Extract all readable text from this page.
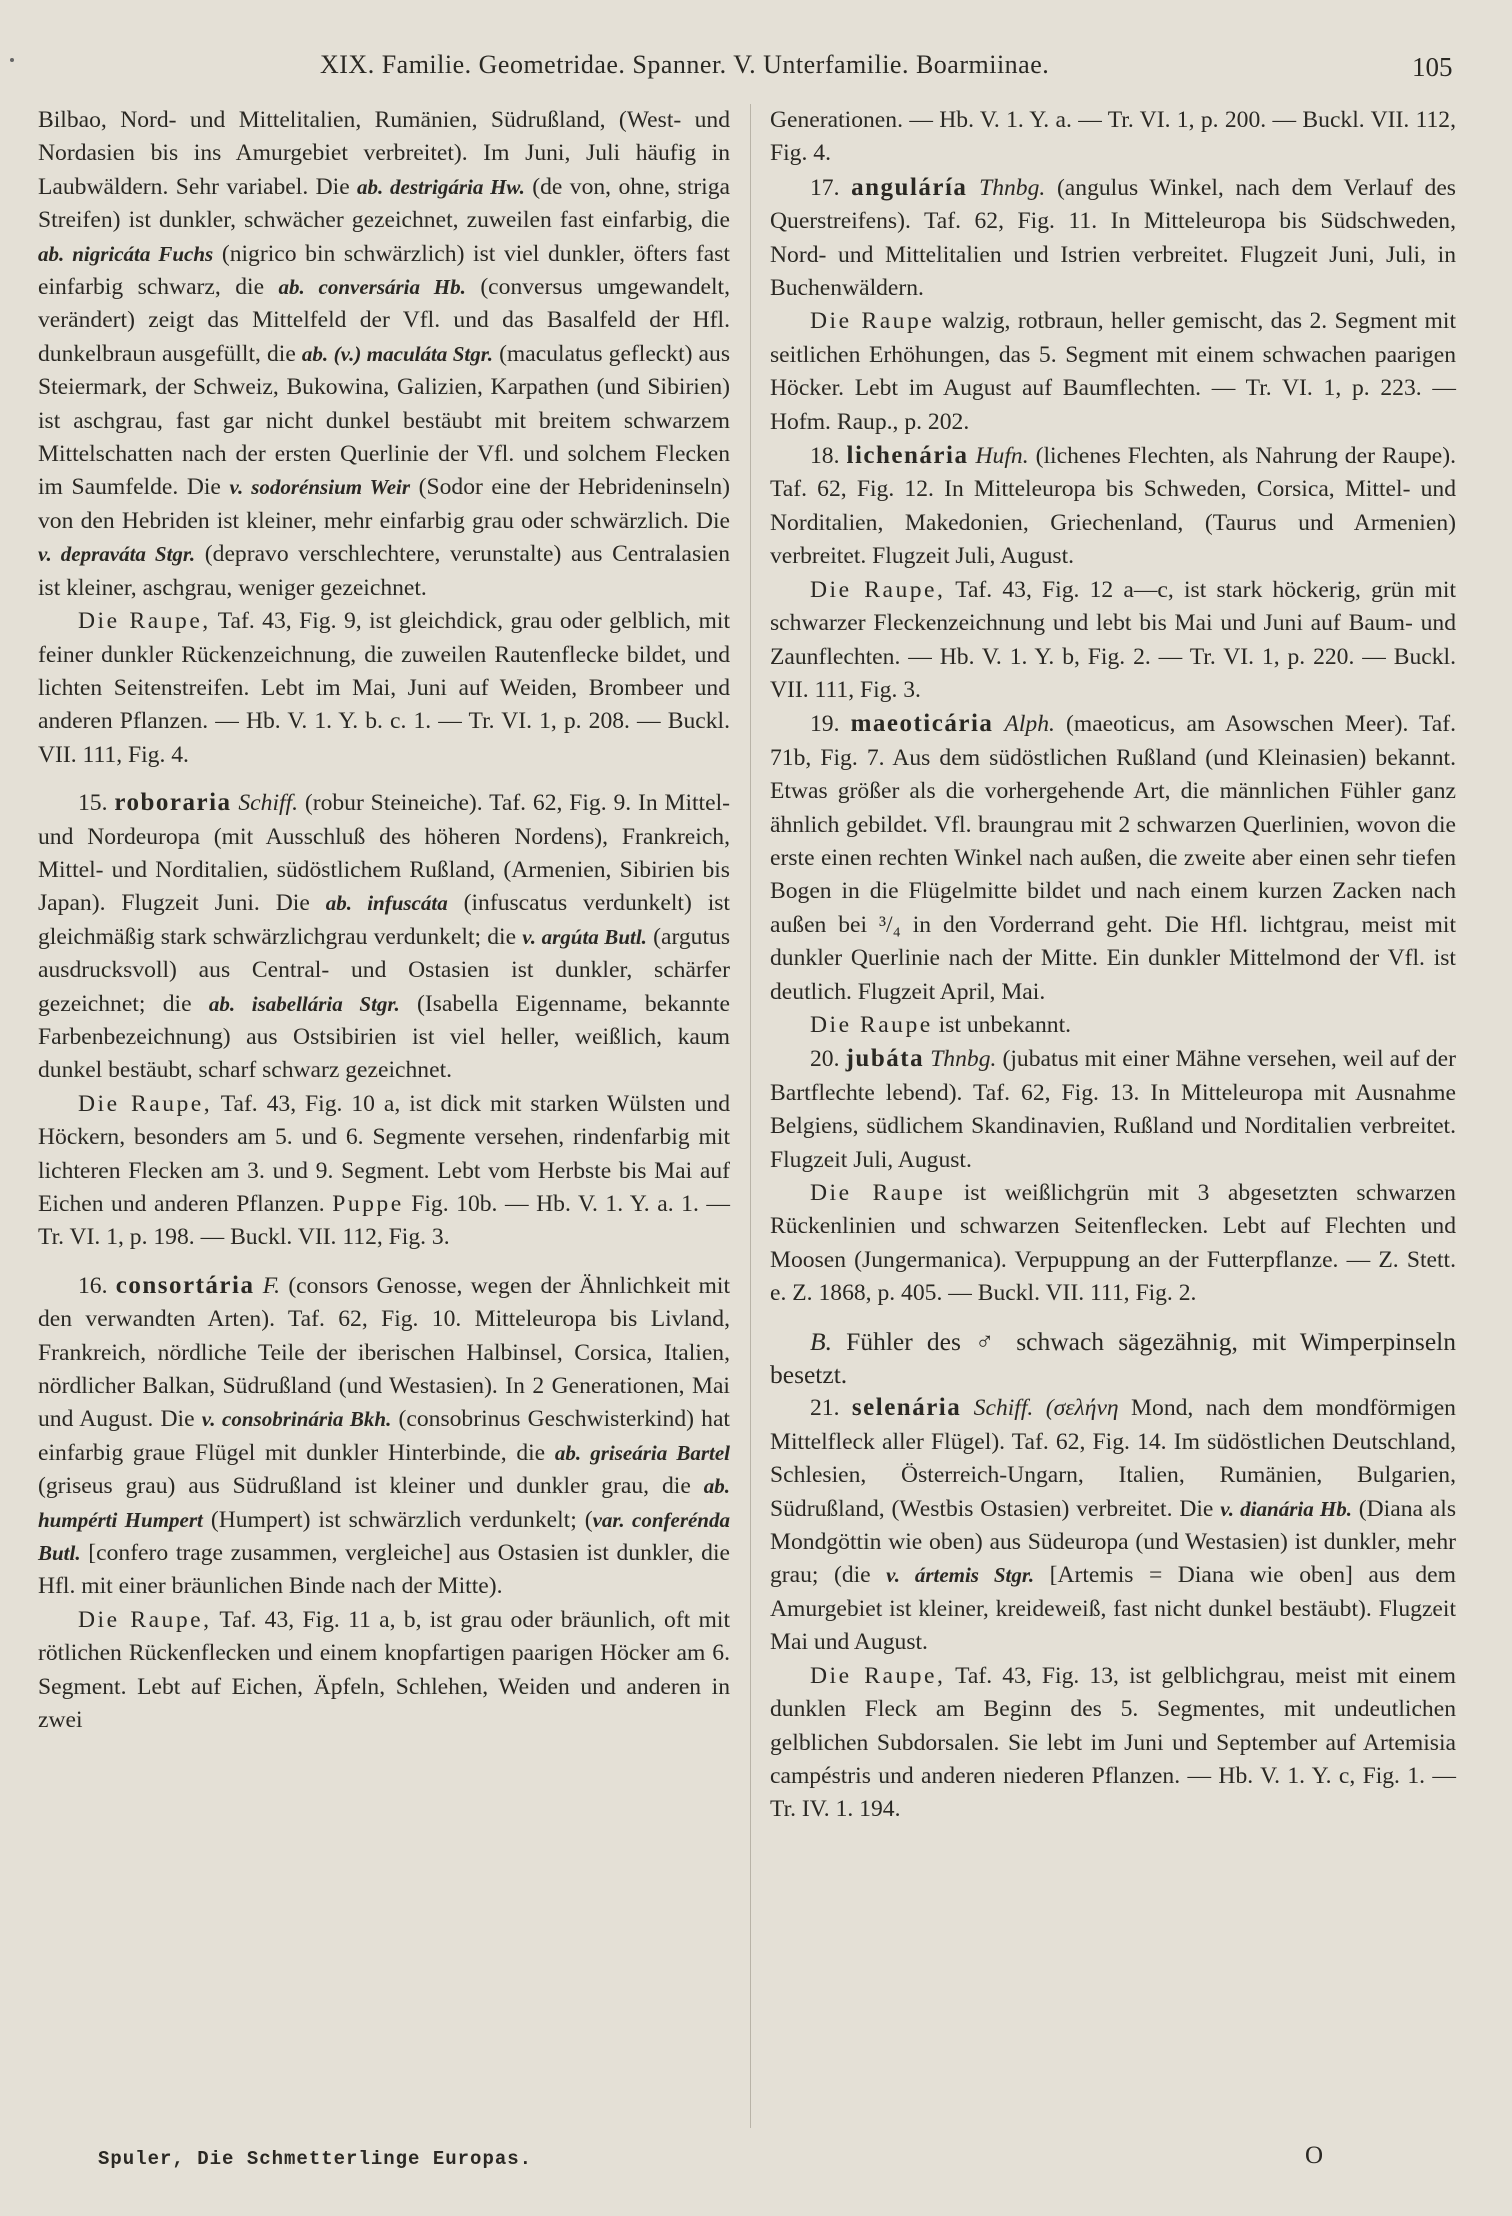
XIX. Familie. Geometridae. Spanner. V. Unterfamilie. Boarmiinae.	105

Bilbao, Nord- und Mittelitalien, Rumänien, Südrußland, (West- und Nordasien bis ins Amurgebiet verbreitet). Im Juni, Juli häufig in Laubwäldern. Sehr variabel. Die ab. destrigária Hw. (de von, ohne, striga Streifen) ist dunkler, schwächer gezeichnet, zuweilen fast einfarbig, die ab. nigricáta Fuchs (nigrico bin schwärzlich) ist viel dunkler, öfters fast einfarbig schwarz, die ab. conversária Hb. (conversus umgewandelt, verändert) zeigt das Mittelfeld der Vfl. und das Basalfeld der Hfl. dunkelbraun ausgefüllt, die ab. (v.) maculáta Stgr. (maculatus gefleckt) aus Steiermark, der Schweiz, Bukowina, Galizien, Karpathen (und Sibirien) ist aschgrau, fast gar nicht dunkel bestäubt mit breitem schwarzem Mittelschatten nach der ersten Querlinie der Vfl. und solchem Flecken im Saumfelde. Die v. sodorénsium Weir (Sodor eine der Hebrideninseln) von den Hebriden ist kleiner, mehr einfarbig grau oder schwärzlich. Die v. depraváta Stgr. (depravo verschlechtere, verunstalte) aus Centralasien ist kleiner, aschgrau, weniger gezeichnet.

Die Raupe, Taf. 43, Fig. 9, ist gleichdick, grau oder gelblich, mit feiner dunkler Rückenzeichnung, die zuweilen Rautenflecke bildet, und lichten Seitenstreifen. Lebt im Mai, Juni auf Weiden, Brombeer und anderen Pflanzen. — Hb. V. 1. Y. b. c. 1. — Tr. VI. 1, p. 208. — Buckl. VII. 111, Fig. 4.

15. roboraria Schiff. (robur Steineiche). Taf. 62, Fig. 9. In Mittel- und Nordeuropa (mit Ausschluß des höheren Nordens), Frankreich, Mittel- und Norditalien, südöstlichem Rußland, (Armenien, Sibirien bis Japan). Flugzeit Juni. Die ab. infuscáta (infuscatus verdunkelt) ist gleichmäßig stark schwärzlichgrau verdunkelt; die v. argúta Butl. (argutus ausdrucksvoll) aus Central- und Ostasien ist dunkler, schärfer gezeichnet; die ab. isabellária Stgr. (Isabella Eigenname, bekannte Farbenbezeichnung) aus Ostsibirien ist viel heller, weißlich, kaum dunkel bestäubt, scharf schwarz gezeichnet.

Die Raupe, Taf. 43, Fig. 10 a, ist dick mit starken Wülsten und Höckern, besonders am 5. und 6. Segmente versehen, rindenfarbig mit lichteren Flecken am 3. und 9. Segment. Lebt vom Herbste bis Mai auf Eichen und anderen Pflanzen. Puppe Fig. 10b. — Hb. V. 1. Y. a. 1. — Tr. VI. 1, p. 198. — Buckl. VII. 112, Fig. 3.

16. consortária F. (consors Genosse, wegen der Ähnlichkeit mit den verwandten Arten). Taf. 62, Fig. 10. Mitteleuropa bis Livland, Frankreich, nördliche Teile der iberischen Halbinsel, Corsica, Italien, nördlicher Balkan, Südrußland (und Westasien). In 2 Generationen, Mai und August. Die v. consobrinária Bkh. (consobrinus Geschwisterkind) hat einfarbig graue Flügel mit dunkler Hinterbinde, die ab. griseária Bartel (griseus grau) aus Südrußland ist kleiner und dunkler grau, die ab. humpérti Humpert (Humpert) ist schwärzlich verdunkelt; (var. conferénda Butl. [confero trage zusammen, vergleiche] aus Ostasien ist dunkler, die Hfl. mit einer bräunlichen Binde nach der Mitte).

Die Raupe, Taf. 43, Fig. 11 a, b, ist grau oder bräunlich, oft mit rötlichen Rückenflecken und einem knopfartigen paarigen Höcker am 6. Segment. Lebt auf Eichen, Äpfeln, Schlehen, Weiden und anderen in zwei

Generationen. — Hb. V. 1. Y. a. — Tr. VI. 1, p. 200. — Buckl. VII. 112, Fig. 4.

17. anguláría Thnbg. (angulus Winkel, nach dem Verlauf des Querstreifens). Taf. 62, Fig. 11. In Mitteleuropa bis Südschweden, Nord- und Mittelitalien und Istrien verbreitet. Flugzeit Juni, Juli, in Buchenwäldern.

Die Raupe walzig, rotbraun, heller gemischt, das 2. Segment mit seitlichen Erhöhungen, das 5. Segment mit einem schwachen paarigen Höcker. Lebt im August auf Baumflechten. — Tr. VI. 1, p. 223. — Hofm. Raup., p. 202.

18. lichenária Hufn. (lichenes Flechten, als Nahrung der Raupe). Taf. 62, Fig. 12. In Mitteleuropa bis Schweden, Corsica, Mittel- und Norditalien, Makedonien, Griechenland, (Taurus und Armenien) verbreitet. Flugzeit Juli, August.

Die Raupe, Taf. 43, Fig. 12 a—c, ist stark höckerig, grün mit schwarzer Fleckenzeichnung und lebt bis Mai und Juni auf Baum- und Zaunflechten. — Hb. V. 1. Y. b, Fig. 2. — Tr. VI. 1, p. 220. — Buckl. VII. 111, Fig. 3.

19. maeoticária Alph. (maeoticus, am Asowschen Meer). Taf. 71b, Fig. 7. Aus dem südöstlichen Rußland (und Kleinasien) bekannt. Etwas größer als die vorhergehende Art, die männlichen Fühler ganz ähnlich gebildet. Vfl. braungrau mit 2 schwarzen Querlinien, wovon die erste einen rechten Winkel nach außen, die zweite aber einen sehr tiefen Bogen in die Flügelmitte bildet und nach einem kurzen Zacken nach außen bei ³/₄ in den Vorderrand geht. Die Hfl. lichtgrau, meist mit dunkler Querlinie nach der Mitte. Ein dunkler Mittelmond der Vfl. ist deutlich. Flugzeit April, Mai.

Die Raupe ist unbekannt.

20. jubáta Thnbg. (jubatus mit einer Mähne versehen, weil auf der Bartflechte lebend). Taf. 62, Fig. 13. In Mitteleuropa mit Ausnahme Belgiens, südlichem Skandinavien, Rußland und Norditalien verbreitet. Flugzeit Juli, August.

Die Raupe ist weißlichgrün mit 3 abgesetzten schwarzen Rückenlinien und schwarzen Seitenflecken. Lebt auf Flechten und Moosen (Jungermanica). Verpuppung an der Futterpflanze. — Z. Stett. e. Z. 1868, p. 405. — Buckl. VII. 111, Fig. 2.

B. Fühler des ♂ schwach sägezähnig, mit Wimperpinseln besetzt.

21. selenária Schiff. (σελήνη Mond, nach dem mondförmigen Mittelfleck aller Flügel). Taf. 62, Fig. 14. Im südöstlichen Deutschland, Schlesien, Österreich-Ungarn, Italien, Rumänien, Bulgarien, Südrußland, (Westbis Ostasien) verbreitet. Die v. dianária Hb. (Diana als Mondgöttin wie oben) aus Südeuropa (und Westasien) ist dunkler, mehr grau; (die v. ártemis Stgr. [Artemis = Diana wie oben] aus dem Amurgebiet ist kleiner, kreideweiß, fast nicht dunkel bestäubt). Flugzeit Mai und August.

Die Raupe, Taf. 43, Fig. 13, ist gelblichgrau, meist mit einem dunklen Fleck am Beginn des 5. Segmentes, mit undeutlichen gelblichen Subdorsalen. Sie lebt im Juni und September auf Artemisia campéstris und anderen niederen Pflanzen. — Hb. V. 1. Y. c, Fig. 1. — Tr. IV. 1. 194.

Spuler, Die Schmetterlinge Europas.	O
